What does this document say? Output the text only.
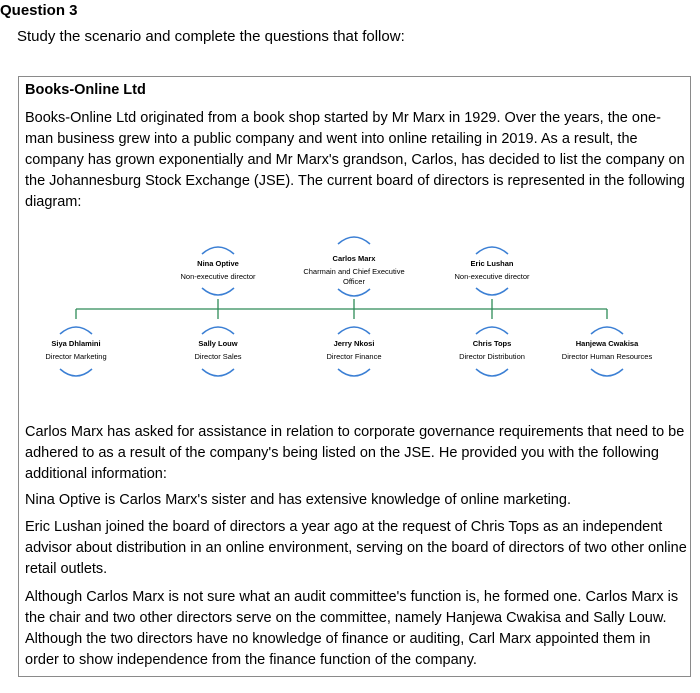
Question 3
Study the scenario and complete the questions that follow:
Books-Online Ltd

Books-Online Ltd originated from a book shop started by Mr Marx in 1929. Over the years, the one-man business grew into a public company and went into online retailing in 2019. As a result, the company has grown exponentially and Mr Marx's grandson, Carlos, has decided to list the company on the Johannesburg Stock Exchange (JSE). The current board of directors is represented in the following diagram:

Nina Optive
Non-executive director
Carlos Marx
Charmain and Chief Executive Officer
Eric Lushan
Non-executive director
Siya Dhlamini
Director Marketing
Sally Louw
Director Sales
Jerry Nkosi
Director Finance
Chris Tops
Director Distribution
Hanjewa Cwakisa
Director Human Resources

Carlos Marx has asked for assistance in relation to corporate governance requirements that need to be adhered to as a result of the company's being listed on the JSE. He provided you with the following additional information:

Nina Optive is Carlos Marx's sister and has extensive knowledge of online marketing.

Eric Lushan joined the board of directors a year ago at the request of Chris Tops as an independent advisor about distribution in an online environment, serving on the board of directors of two other online retail outlets.

Although Carlos Marx is not sure what an audit committee's function is, he formed one. Carlos Marx is the chair and two other directors serve on the committee, namely Hanjewa Cwakisa and Sally Louw. Although the two directors have no knowledge of finance or auditing, Carl Marx appointed them in order to show independence from the finance function of the company.
